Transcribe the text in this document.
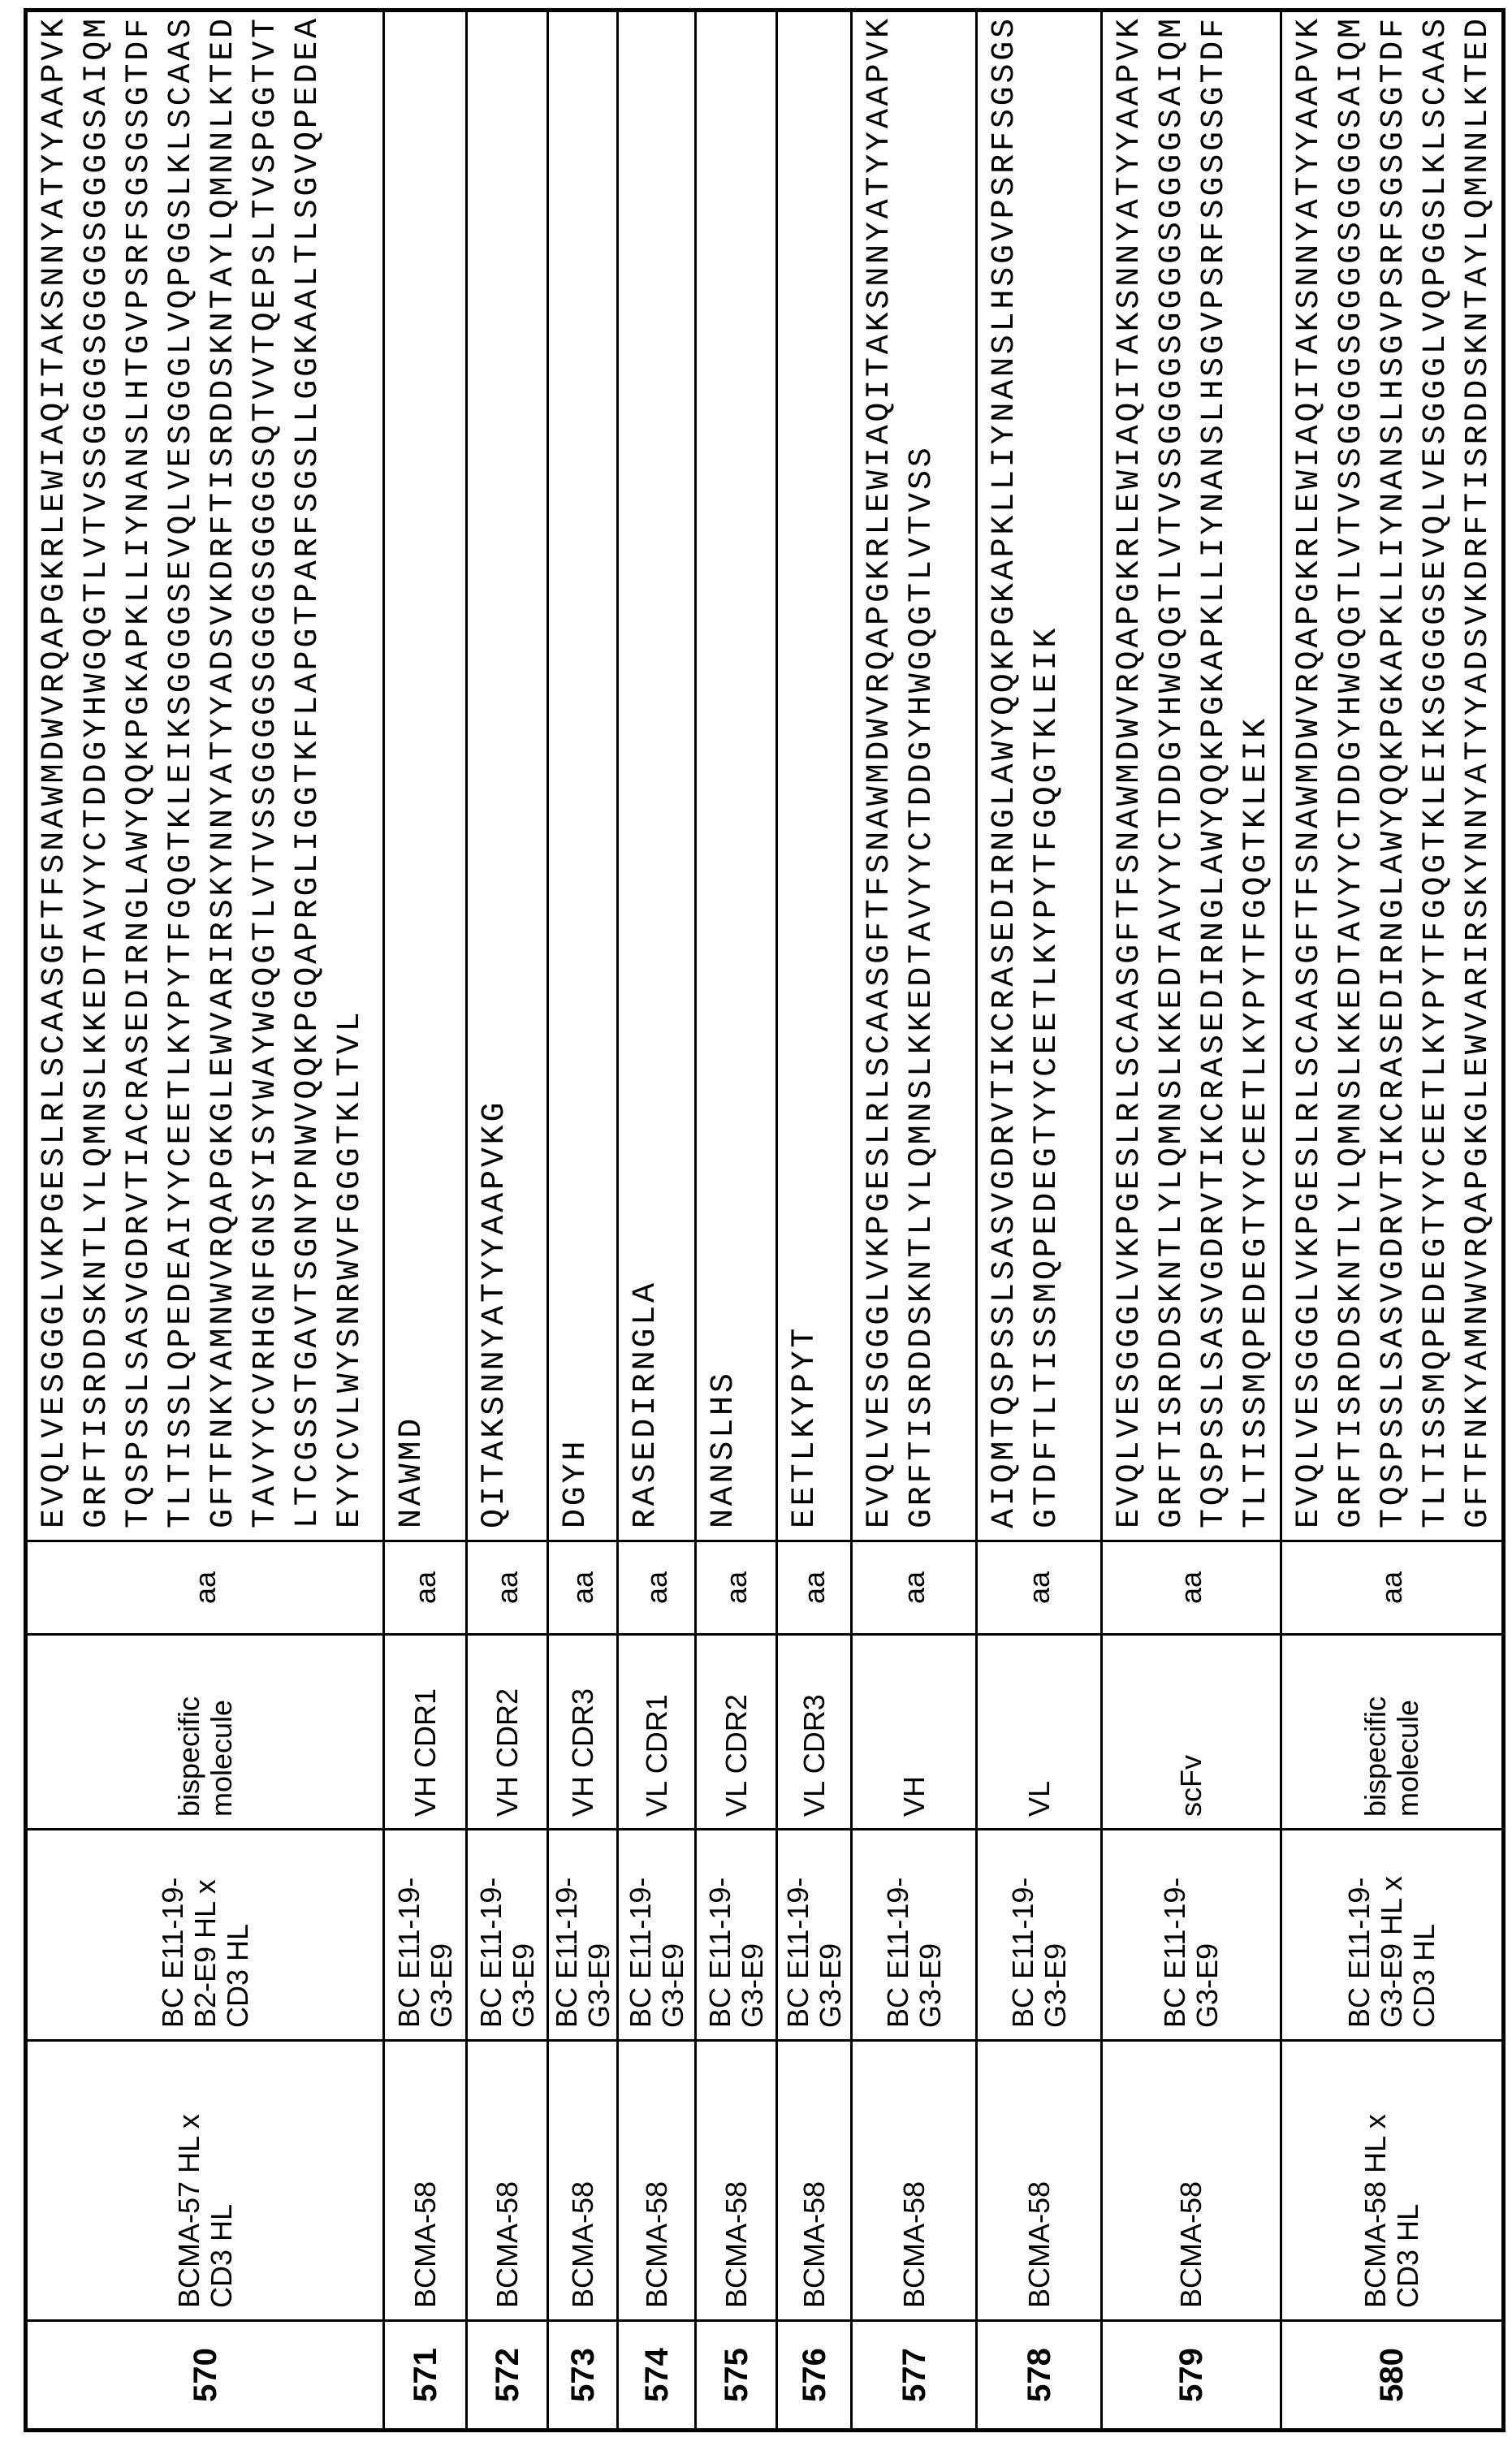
570	BCMA-57 HL x CD3 HL	BC E11-19-B2-E9 HL x CD3 HL	bispecific molecule	aa	
EVQLVESGGGLVKPGESLRLSCAASGFTFSNAWMDWVRQAPGKRLEWIAQITAKSNNYATYYAAPVK GRFTISRDDSKNTLYLQMNSLKKEDTAVYYCTDDGYHWGQGTLVTVSSGGGGSGGGGSGGGGSAIQM TQSPSSLSASVGDRVTIACRASEDIRNGLAWYQQKPGKAPKLLIYNANSLHTGVPSRFSGSGSGTDF TLTISSLQPEDEAIYYCEETLKYPYTFGQGTKLEIKSGGGGSEVQLVESGGGLVQPGGSLKLSCAAS GFTFNKYAMNWVRQAPGKGLEWVARIRSKYNNYATYYADSVKDRFTISRDDSKNTAYLQMNNLKTED TAVYYCVRHGNFGNSYISYWAYWGQGTLVTVSSGGGGSGGGGSGGGGSQTVVTQEPSLTVSPGGTVT LTCGSSTGAVTSGNYPNWVQQKPGQAPRGLIGGTKFLAPGTPARFSGSLLGGKAALTLSGVQPEDEA EYYCVLWYSNRWVFGGGTKLTVL

571	BCMA-58	BC E11-19-G3-E9	VH CDR1	aa	
NAWMD

572	BCMA-58	BC E11-19-G3-E9	VH CDR2	aa	
QITAKSNNYATYYAAPVKG

573	BCMA-58	BC E11-19-G3-E9	VH CDR3	aa	
DGYH

574	BCMA-58	BC E11-19-G3-E9	VL CDR1	aa	
RASEDIRNGLA

575	BCMA-58	BC E11-19-G3-E9	VL CDR2	aa	
NANSLHS

576	BCMA-58	BC E11-19-G3-E9	VL CDR3	aa	
EETLKYPYT

577	BCMA-58	BC E11-19-G3-E9	VH	aa	
EVQLVESGGGLVKPGESLRLSCAASGFTFSNAWMDWVRQAPGKRLEWIAQITAKSNNYATYYAAPVK GRFTISRDDSKNTLYLQMNSLKKEDTAVYYCTDDGYHWGQGTLVTVSS

578	BCMA-58	BC E11-19-G3-E9	VL	aa	
AIQMTQSPSSLSASVGDRVTIKCRASEDIRNGLAWYQQKPGKAPKLLIYNANSLHSGVPSRFSGSGS GTDFTLTISSMQPEDEGTYYCEETLKYPYTFGQGTKLEIK

579	BCMA-58	BC E11-19-G3-E9	scFv	aa	
EVQLVESGGGLVKPGESLRLSCAASGFTFSNAWMDWVRQAPGKRLEWIAQITAKSNNYATYYAAPVK GRFTISRDDSKNTLYLQMNSLKKEDTAVYYCTDDGYHWGQGTLVTVSSGGGGSGGGGSGGGGSAIQM TQSPSSLSASVGDRVTIKCRASEDIRNGLAWYQQKPGKAPKLLIYNANSLHSGVPSRFSGSGSGTDF TLTISSMQPEDEGTYYCEETLKYPYTFGQGTKLEIK

580	BCMA-58 HL x CD3 HL	BC E11-19-G3-E9 HL x CD3 HL	bispecific molecule	aa	
EVQLVESGGGLVKPGESLRLSCAASGFTFSNAWMDWVRQAPGKRLEWIAQITAKSNNYATYYAAPVK GRFTISRDDSKNTLYLQMNSLKKEDTAVYYCTDDGYHWGQGTLVTVSSGGGGSGGGGSGGGGSAIQM TQSPSSLSASVGDRVTIKCRASEDIRNGLAWYQQKPGKAPKLLIYNANSLHSGVPSRFSGSGSGTDF TLTISSMQPEDEGTYYCEETLKYPYTFGQGTKLEIKSGGGGSEVQLVESGGGLVQPGGSLKLSCAAS GFTFNKYAMNWVRQAPGKGLEWVARIRSKYNNYATYYADSVKDRFTISRDDSKNTAYLQMNNLKTED
